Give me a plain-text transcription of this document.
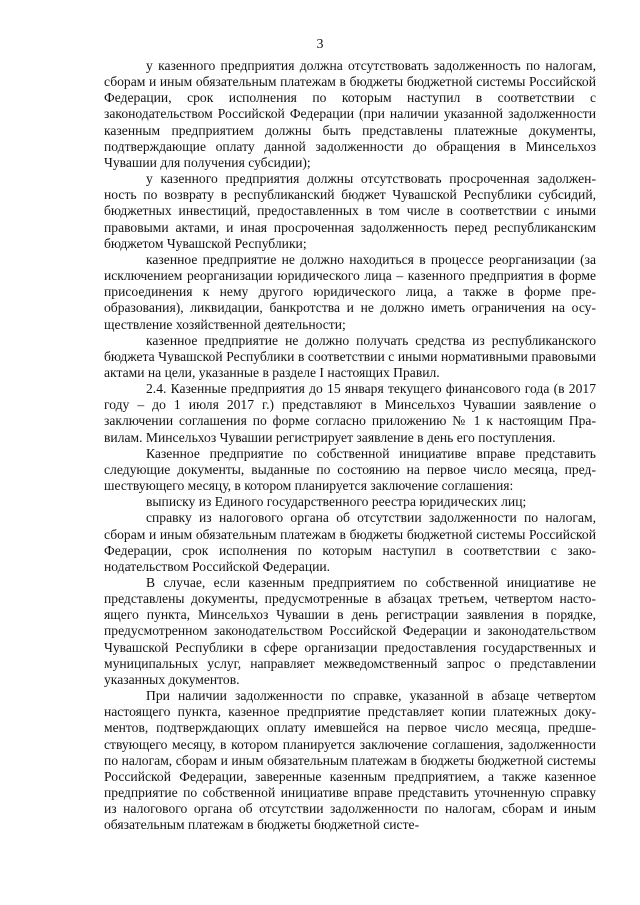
3

у казенного предприятия должна отсутствовать задолженность по налогам, сборам и иным обязательным платежам в бюджеты бюджетной системы Российской Федерации, срок исполнения по которым наступил в соответствии с законодательством Российской Федерации (при наличии указанной задолженности казенным предприятием должны быть представлены платежные документы, подтверждающие оплату данной задолженности до обращения в Минсельхоз Чувашии для получения субсидии);

у казенного предприятия должны отсутствовать просроченная задолженность по возврату в республиканский бюджет Чувашской Республики субсидий, бюджетных инвестиций, предоставленных в том числе в соответствии с иными правовыми актами, и иная просроченная задолженность перед республиканским бюджетом Чувашской Республики;

казенное предприятие не должно находиться в процессе реорганизации (за исключением реорганизации юридического лица – казенного предприятия в форме присоединения к нему другого юридического лица, а также в форме преобразования), ликвидации, банкротства и не должно иметь ограничения на осуществление хозяйственной деятельности;

казенное предприятие не должно получать средства из республиканского бюджета Чувашской Республики в соответствии с иными нормативными правовыми актами на цели, указанные в разделе I настоящих Правил.

2.4. Казенные предприятия до 15 января текущего финансового года (в 2017 году – до 1 июля 2017 г.) представляют в Минсельхоз Чувашии заявление о заключении соглашения по форме согласно приложению № 1 к настоящим Правилам. Минсельхоз Чувашии регистрирует заявление в день его поступления.

Казенное предприятие по собственной инициативе вправе представить следующие документы, выданные по состоянию на первое число месяца, предшествующего месяцу, в котором планируется заключение соглашения:

выписку из Единого государственного реестра юридических лиц;

справку из налогового органа об отсутствии задолженности по налогам, сборам и иным обязательным платежам в бюджеты бюджетной системы Российской Федерации, срок исполнения по которым наступил в соответствии с законодательством Российской Федерации.

В случае, если казенным предприятием по собственной инициативе не представлены документы, предусмотренные в абзацах третьем, четвертом настоящего пункта, Минсельхоз Чувашии в день регистрации заявления в порядке, предусмотренном законодательством Российской Федерации и законодательством Чувашской Республики в сфере организации предоставления государственных и муниципальных услуг, направляет межведомственный запрос о представлении указанных документов.

При наличии задолженности по справке, указанной в абзаце четвертом настоящего пункта, казенное предприятие представляет копии платежных документов, подтверждающих оплату имевшейся на первое число месяца, предшествующего месяцу, в котором планируется заключение соглашения, задолженности по налогам, сборам и иным обязательным платежам в бюджеты бюджетной системы Российской Федерации, заверенные казенным предприятием, а также казенное предприятие по собственной инициативе вправе представить уточненную справку из налогового органа об отсутствии задолженности по налогам, сборам и иным обязательным платежам в бюджеты бюджетной систе-
